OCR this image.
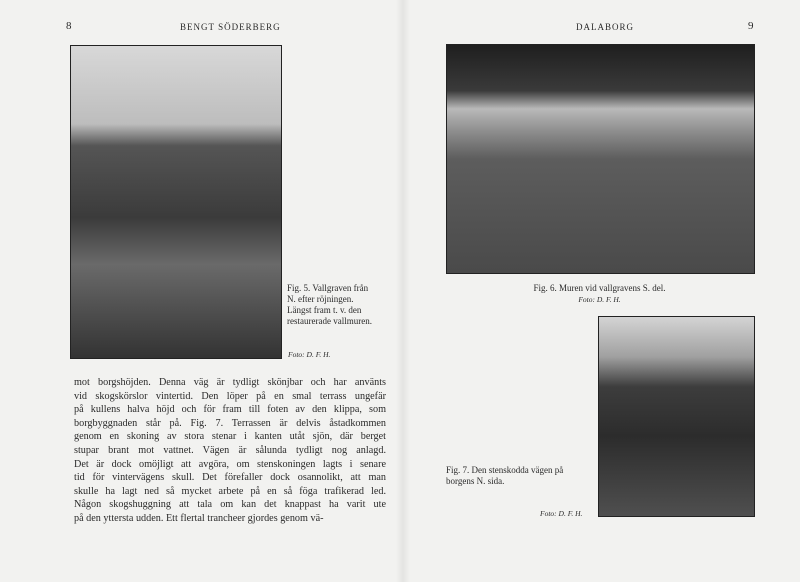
8	BENGT SÖDERBERG	DALABORG	9
Fig. 5. Vallgraven från
N. efter röjningen.
Längst fram t. v. den
restaurerade vallmuren.
Foto: D. F. H.
mot borgshöjden. Denna väg är tydligt skönjbar och har använts
vid skogskörslor vintertid. Den löper på en smal terrass ungefär
på kullens halva höjd och för fram till foten av den klippa, som
borgbyggnaden står på. Fig. 7. Terrassen är delvis åstadkommen
genom en skoning av stora stenar i kanten utåt sjön, där berget
stupar brant mot vattnet. Vägen är sålunda tydligt nog anlagd.
Det är dock omöjligt att avgöra, om stenskoningen lagts i senare
tid för vintervägens skull. Det förefaller dock osannolikt, att man
skulle ha lagt ned så mycket arbete på en så föga trafikerad led.
Någon skogshuggning att tala om kan det knappast ha varit ute
på den yttersta udden. Ett flertal trancheer gjordes genom vä-
Fig. 6. Muren vid vallgravens S. del.
Foto: D. F. H.
Fig. 7. Den stenskodda vägen på
borgens N. sida.
Foto: D. F. H.
